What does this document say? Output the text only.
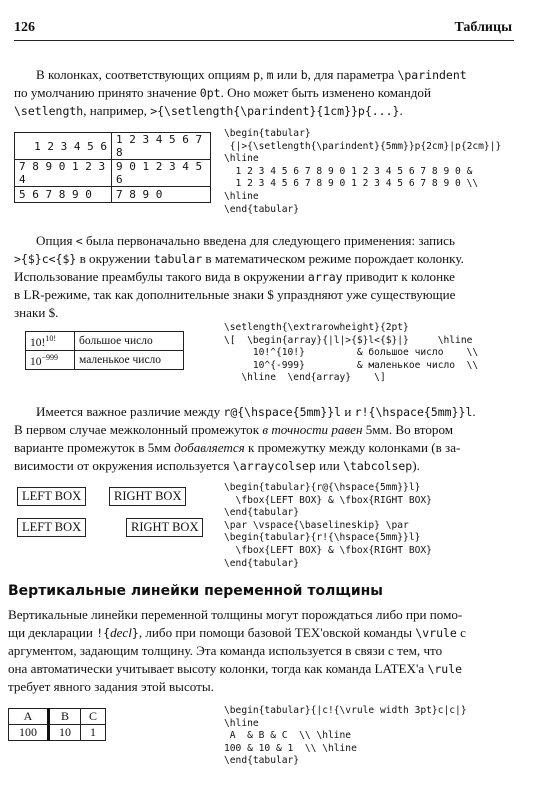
126	Таблицы
В колонках, соответствующих опциям p, m или b, для параметра \parindent
по умолчанию принято значение 0pt. Оно может быть изменено командой
\setlength, например, >{\setlength{\parindent}{1cm}}p{...}.
1 2 3 4 5 6	1 2 3 4 5 6 7 8
7 8 9 0 1 2 3 4	9 0 1 2 3 4 5 6
5 6 7 8 9 0	7 8 9 0
\begin{tabular}
{|>{\setlength{\parindent}{5mm}}p{2cm}|p{2cm}|}
\hline
1 2 3 4 5 6 7 8 9 0 1 2 3 4 5 6 7 8 9 0 &
1 2 3 4 5 6 7 8 9 0 1 2 3 4 5 6 7 8 9 0 \\
\hline
\end{tabular}
Опция < была первоначально введена для следующего применения: запись
>{$}c<{$} в окружении tabular в математическом режиме порождает колонку.
Использование преамбулы такого вида в окружении array приводит к колонке
в LR-режиме, так как дополнительные знаки $ упраздняют уже существующие
знаки $.
10!$^{10!}$	большое число
$10^{-999}$	маленькое число
\setlength{\extrarowheight}{2pt}
\[  \begin{array}{|l|>{$}l<{$}|}     \hline
10!^{10!}         & большое число    \\
10^{-999}         & маленькое число  \\
\hline  \end{array}    \]
Имеется важное различие между r@{\hspace{5mm}}l и r!{\hspace{5mm}}l.
В первом случае межколонный промежуток в точности равен 5мм. Во втором
варианте промежуток в 5мм добавляется к промежутку между колонками (в за-
висимости от окружения используется \arraycolsep или \tabcolsep).
LEFT BOX	RIGHT BOX
LEFT BOX	RIGHT BOX
\begin{tabular}{r@{\hspace{5mm}}l}
\fbox{LEFT BOX} & \fbox{RIGHT BOX}
\end{tabular}
\par \vspace{\baselineskip} \par
\begin{tabular}{r!{\hspace{5mm}}l}
\fbox{LEFT BOX} & \fbox{RIGHT BOX}
\end{tabular}
Вертикальные линейки переменной толщины
Вертикальные линейки переменной толщины могут порождаться либо при помо-
щи декларации !{decl}, либо при помощи базовой ТЕХ'овской команды \vrule с
аргументом, задающим толщину. Эта команда используется в связи с тем, что
она автоматически учитывает высоту колонки, тогда как команда LATEX'а \rule
требует явного задания этой высоты.
A	B	C
100	10	1
\begin{tabular}{|c!{\vrule width 3pt}c|c|}
\hline
A  & B & C  \\ \hline
100 & 10 & 1  \\ \hline
\end{tabular}
